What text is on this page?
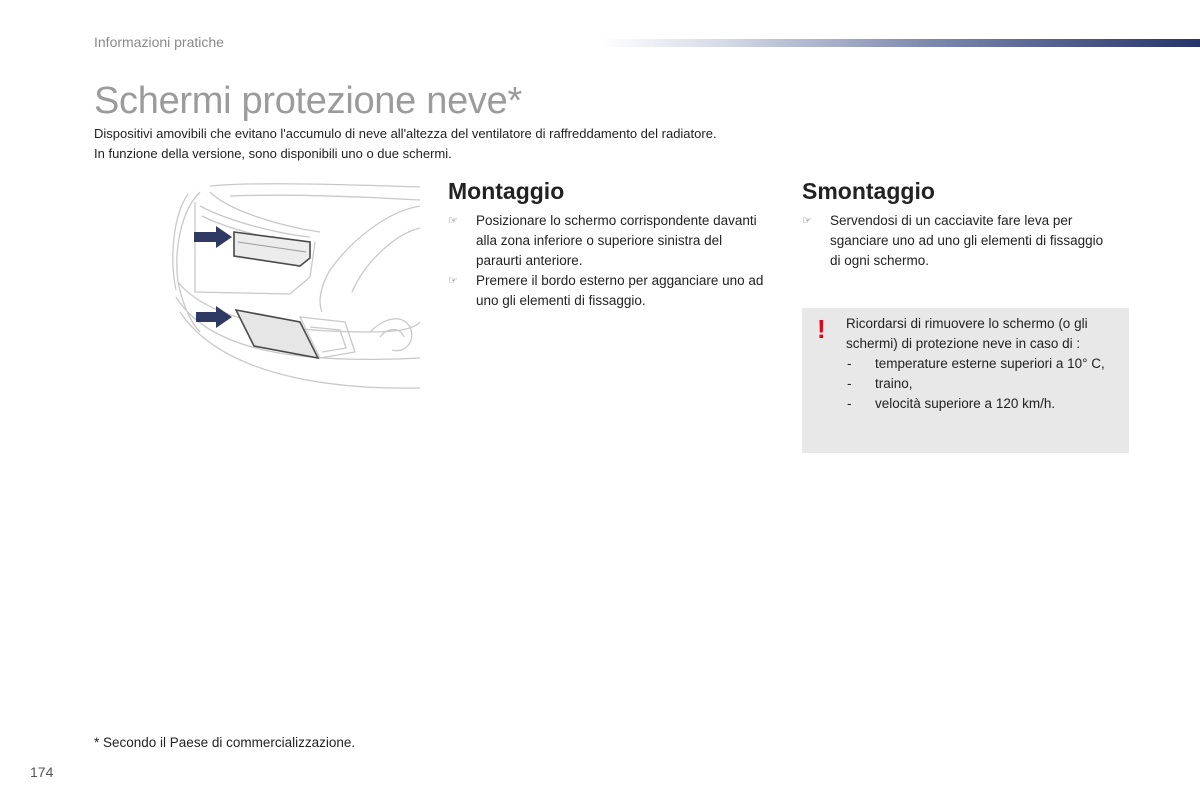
Informazioni pratiche
Schermi protezione neve*

Dispositivi amovibili che evitano l'accumulo di neve all'altezza del ventilatore di raffreddamento del radiatore.

In funzione della versione, sono disponibili uno o due schermi.

Montaggio
☞ Posizionare lo schermo corrispondente davanti alla zona inferiore o superiore sinistra del paraurti anteriore.
☞ Premere il bordo esterno per agganciare uno ad uno gli elementi di fissaggio.
Smontaggio
☞ Servendosi di un cacciavite fare leva per sganciare uno ad uno gli elementi di fissaggio di ogni schermo.
! Ricordarsi di rimuovere lo schermo (o gli schermi) di protezione neve in caso di :
- temperature esterne superiori a 10° C,
- traino,
- velocità superiore a 120 km/h.
* Secondo il Paese di commercializzazione.
174
